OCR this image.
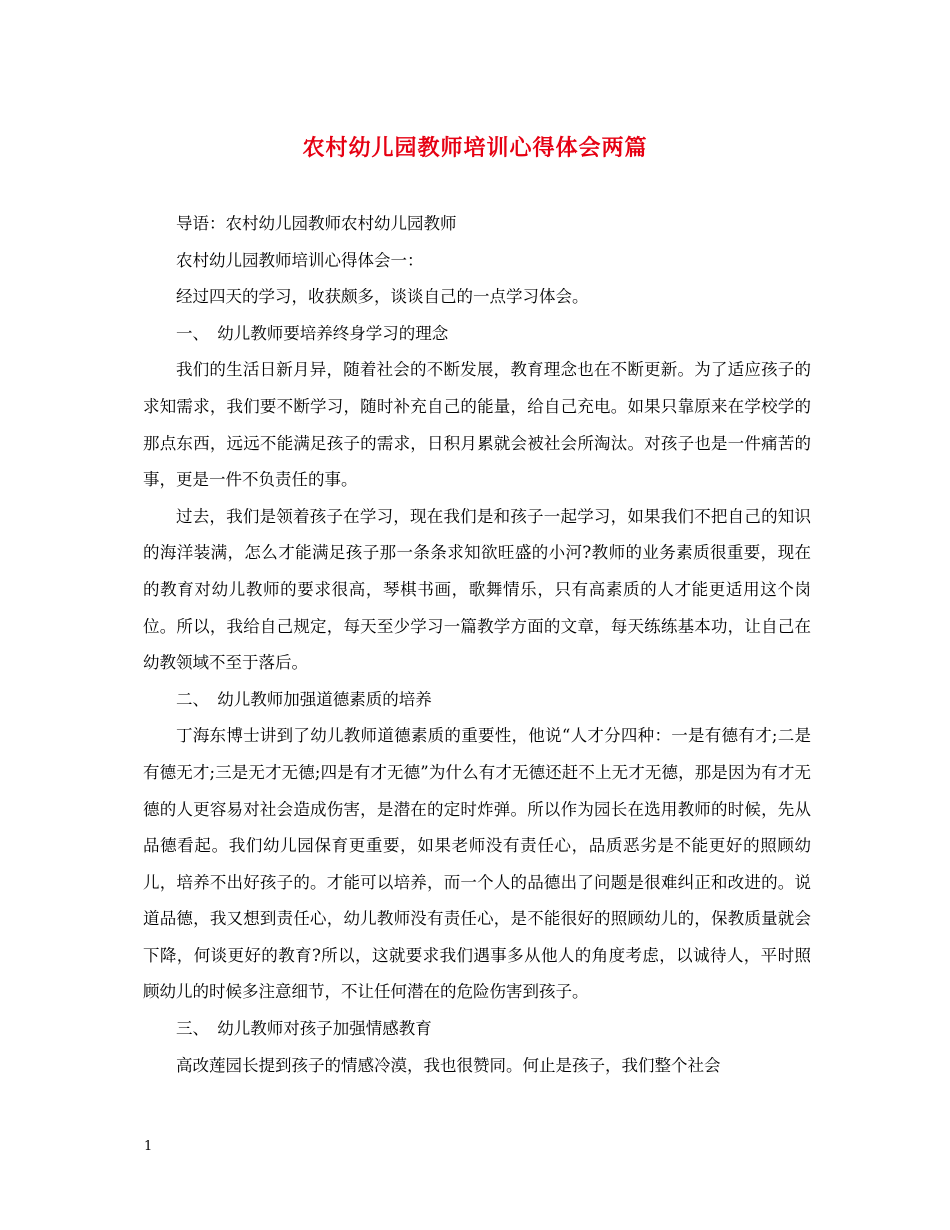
农村幼儿园教师培训心得体会两篇

导语：农村幼儿园教师农村幼儿园教师

农村幼儿园教师培训心得体会一：

经过四天的学习，收获颇多，谈谈自己的一点学习体会。

一、　幼儿教师要培养终身学习的理念

我们的生活日新月异，随着社会的不断发展，教育理念也在不断更新。为了适应孩子的求知需求，我们要不断学习，随时补充自己的能量，给自己充电。如果只靠原来在学校学的那点东西，远远不能满足孩子的需求，日积月累就会被社会所淘汰。对孩子也是一件痛苦的事，更是一件不负责任的事。

过去，我们是领着孩子在学习，现在我们是和孩子一起学习，如果我们不把自己的知识的海洋装满，怎么才能满足孩子那一条条求知欲旺盛的小河?教师的业务素质很重要，现在的教育对幼儿教师的要求很高，琴棋书画，歌舞情乐，只有高素质的人才能更适用这个岗位。所以，我给自己规定，每天至少学习一篇教学方面的文章，每天练练基本功，让自己在幼教领域不至于落后。

二、　幼儿教师加强道德素质的培养

丁海东博士讲到了幼儿教师道德素质的重要性，他说“人才分四种：一是有德有才;二是有德无才;三是无才无德;四是有才无德”为什么有才无德还赶不上无才无德，那是因为有才无德的人更容易对社会造成伤害，是潜在的定时炸弹。所以作为园长在选用教师的时候，先从品德看起。我们幼儿园保育更重要，如果老师没有责任心，品质恶劣是不能更好的照顾幼儿，培养不出好孩子的。才能可以培养，而一个人的品德出了问题是很难纠正和改进的。说道品德，我又想到责任心，幼儿教师没有责任心，是不能很好的照顾幼儿的，保教质量就会下降，何谈更好的教育?所以，这就要求我们遇事多从他人的角度考虑，以诚待人，平时照顾幼儿的时候多注意细节，不让任何潜在的危险伤害到孩子。

三、　幼儿教师对孩子加强情感教育

高改莲园长提到孩子的情感冷漠，我也很赞同。何止是孩子，我们整个社会

1
